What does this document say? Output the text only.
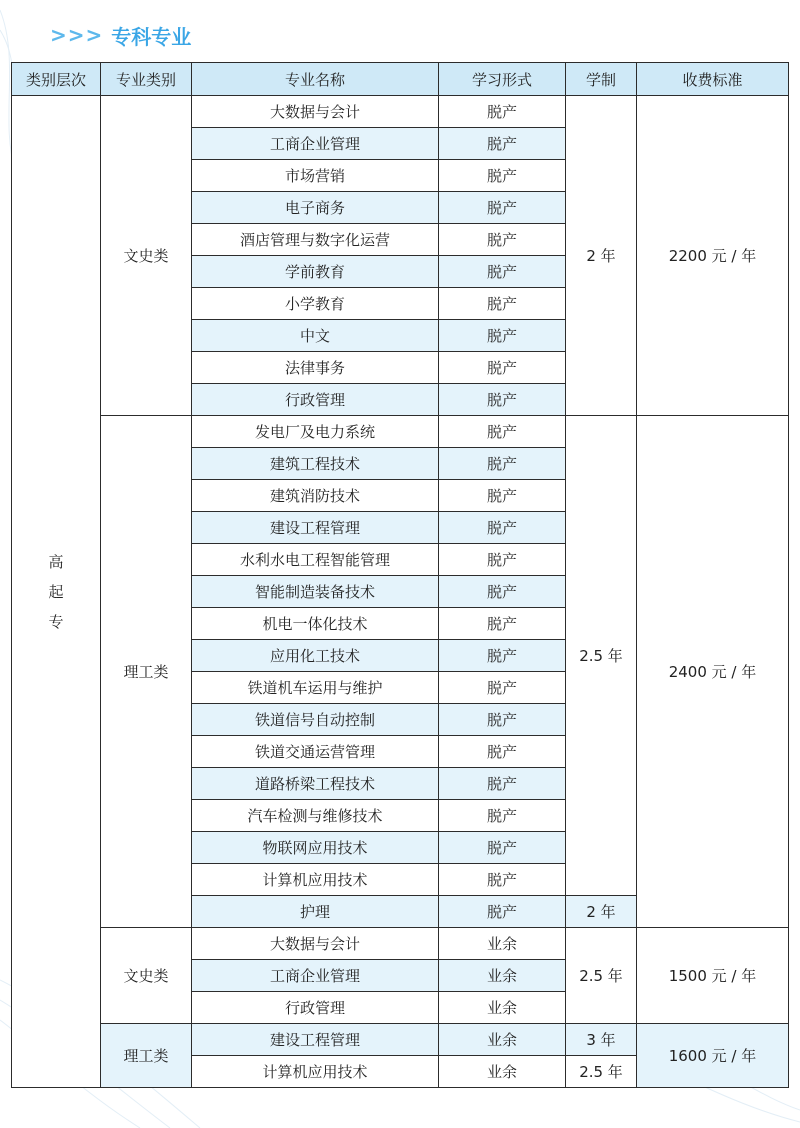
>>> 专科专业
类别层次	专业类别	专业名称	学习形式	学制	收费标准

高
起
专	文史类	大数据与会计	脱产	2 年	2200 元 / 年
		工商企业管理	脱产		
		市场营销	脱产		
		电子商务	脱产		
		酒店管理与数字化运营	脱产		
		学前教育	脱产		
		小学教育	脱产		
		中文	脱产		
		法律事务	脱产		
		行政管理	脱产		
	理工类	发电厂及电力系统	脱产	2.5 年	2400 元 / 年
		建筑工程技术	脱产		
		建筑消防技术	脱产		
		建设工程管理	脱产		
		水利水电工程智能管理	脱产		
		智能制造装备技术	脱产		
		机电一体化技术	脱产		
		应用化工技术	脱产		
		铁道机车运用与维护	脱产		
		铁道信号自动控制	脱产		
		铁道交通运营管理	脱产		
		道路桥梁工程技术	脱产		
		汽车检测与维修技术	脱产		
		物联网应用技术	脱产		
		计算机应用技术	脱产		
		护理	脱产	2 年	
	文史类	大数据与会计	业余	2.5 年	1500 元 / 年
		工商企业管理	业余		
		行政管理	业余		
	理工类	建设工程管理	业余	3 年	1600 元 / 年
		计算机应用技术	业余	2.5 年	
